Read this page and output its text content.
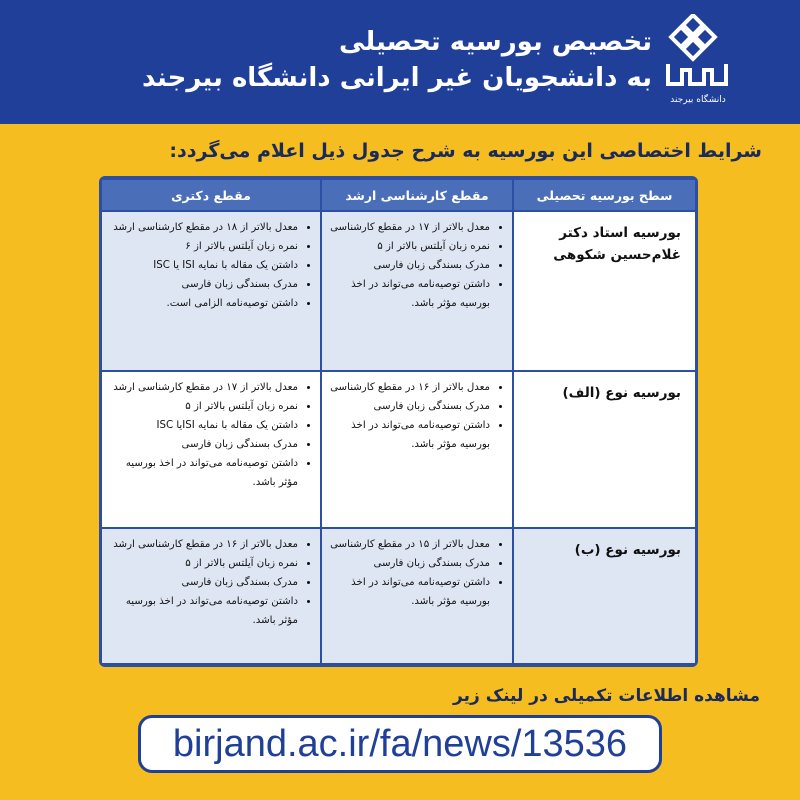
دانشگاه بیرجند
تخصیص بورسیه تحصیلی
به دانشجویان غیر ایرانی دانشگاه بیرجند
شرایط اختصاصی این بورسیه به شرح جدول ذیل اعلام می‌گردد:
سطح بورسیه تحصیلی
مقطع کارشناسی ارشد
مقطع دکتری
بورسیه استاد دکتر غلام‌حسین شکوهی
• معدل بالاتر از ۱۷ در مقطع کارشناسی
• نمره زبان آیلتس بالاتر از ۵
• مدرک بسندگی زبان فارسی
• داشتن توصیه‌نامه می‌تواند در اخذ بورسیه مؤثر باشد.
• معدل بالاتر از ۱۸ در مقطع کارشناسی ارشد
• نمره زبان آیلتس بالاتر از ۶
• داشتن یک مقاله با نمایه ISI یا ISC
• مدرک بسندگی زبان فارسی
• داشتن توصیه‌نامه الزامی است.
بورسیه نوع (الف)
• معدل بالاتر از ۱۶ در مقطع کارشناسی
• مدرک بسندگی زبان فارسی
• داشتن توصیه‌نامه می‌تواند در اخذ بورسیه مؤثر باشد.
• معدل بالاتر از ۱۷ در مقطع کارشناسی ارشد
• نمره زبان آیلتس بالاتر از ۵
• داشتن یک مقاله با نمایه ISIیا ISC
• مدرک بسندگی زبان فارسی
• داشتن توصیه‌نامه می‌تواند در اخذ بورسیه مؤثر باشد.
بورسیه نوع (ب)
• معدل بالاتر از ۱۵ در مقطع کارشناسی
• مدرک بسندگی زبان فارسی
• داشتن توصیه‌نامه می‌تواند در اخذ بورسیه مؤثر باشد.
• معدل بالاتر از ۱۶ در مقطع کارشناسی ارشد
• نمره زبان آیلتس بالاتر از ۵
• مدرک بسندگی زبان فارسی
• داشتن توصیه‌نامه می‌تواند در اخذ بورسیه مؤثر باشد.
مشاهده اطلاعات تکمیلی در لینک زیر
birjand.ac.ir/fa/news/13536
